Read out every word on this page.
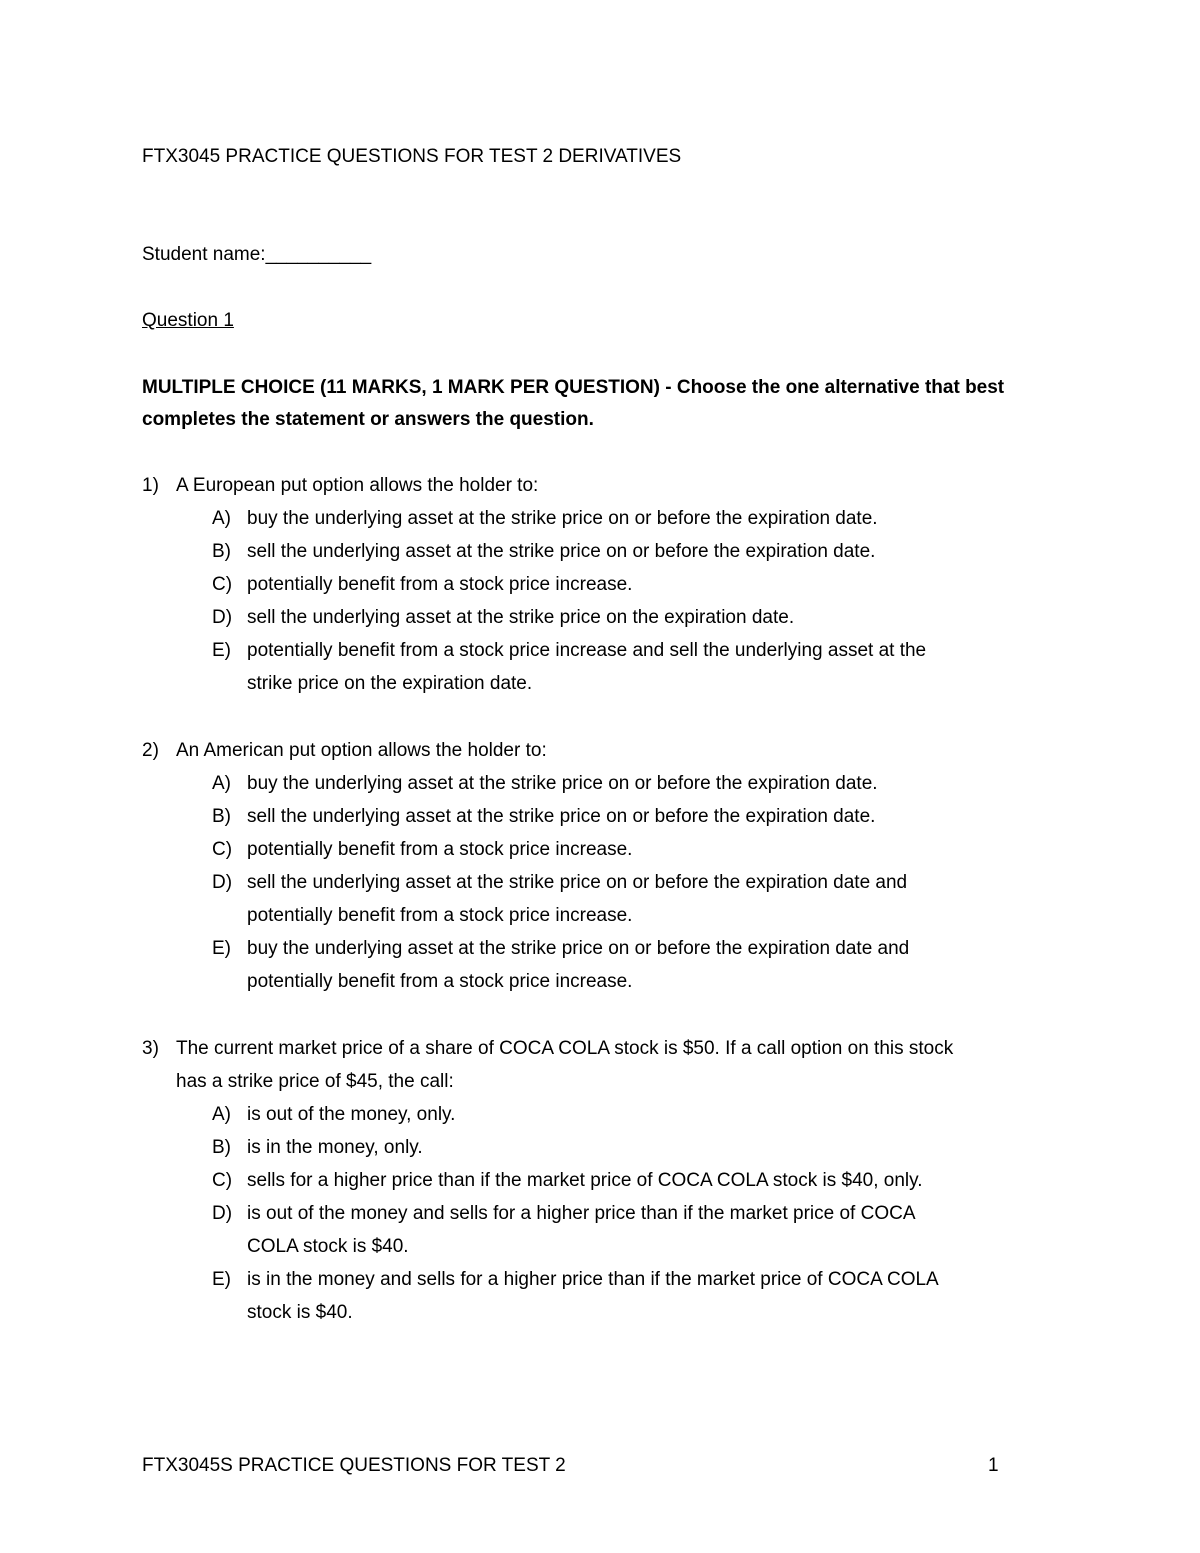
FTX3045 PRACTICE QUESTIONS FOR TEST 2 DERIVATIVES
Student name:__________
Question 1
MULTIPLE CHOICE (11 MARKS, 1 MARK PER QUESTION) - Choose the one alternative that best
completes the statement or answers the question.
1) A European put option allows the holder to:
A) buy the underlying asset at the strike price on or before the expiration date.
B) sell the underlying asset at the strike price on or before the expiration date.
C) potentially benefit from a stock price increase.
D) sell the underlying asset at the strike price on the expiration date.
E) potentially benefit from a stock price increase and sell the underlying asset at the
strike price on the expiration date.
2) An American put option allows the holder to:
A) buy the underlying asset at the strike price on or before the expiration date.
B) sell the underlying asset at the strike price on or before the expiration date.
C) potentially benefit from a stock price increase.
D) sell the underlying asset at the strike price on or before the expiration date and
potentially benefit from a stock price increase.
E) buy the underlying asset at the strike price on or before the expiration date and
potentially benefit from a stock price increase.
3) The current market price of a share of COCA COLA stock is $50. If a call option on this stock
has a strike price of $45, the call:
A) is out of the money, only.
B) is in the money, only.
C) sells for a higher price than if the market price of COCA COLA stock is $40, only.
D) is out of the money and sells for a higher price than if the market price of COCA
COLA stock is $40.
E) is in the money and sells for a higher price than if the market price of COCA COLA
stock is $40.
FTX3045S PRACTICE QUESTIONS FOR TEST 2	1
